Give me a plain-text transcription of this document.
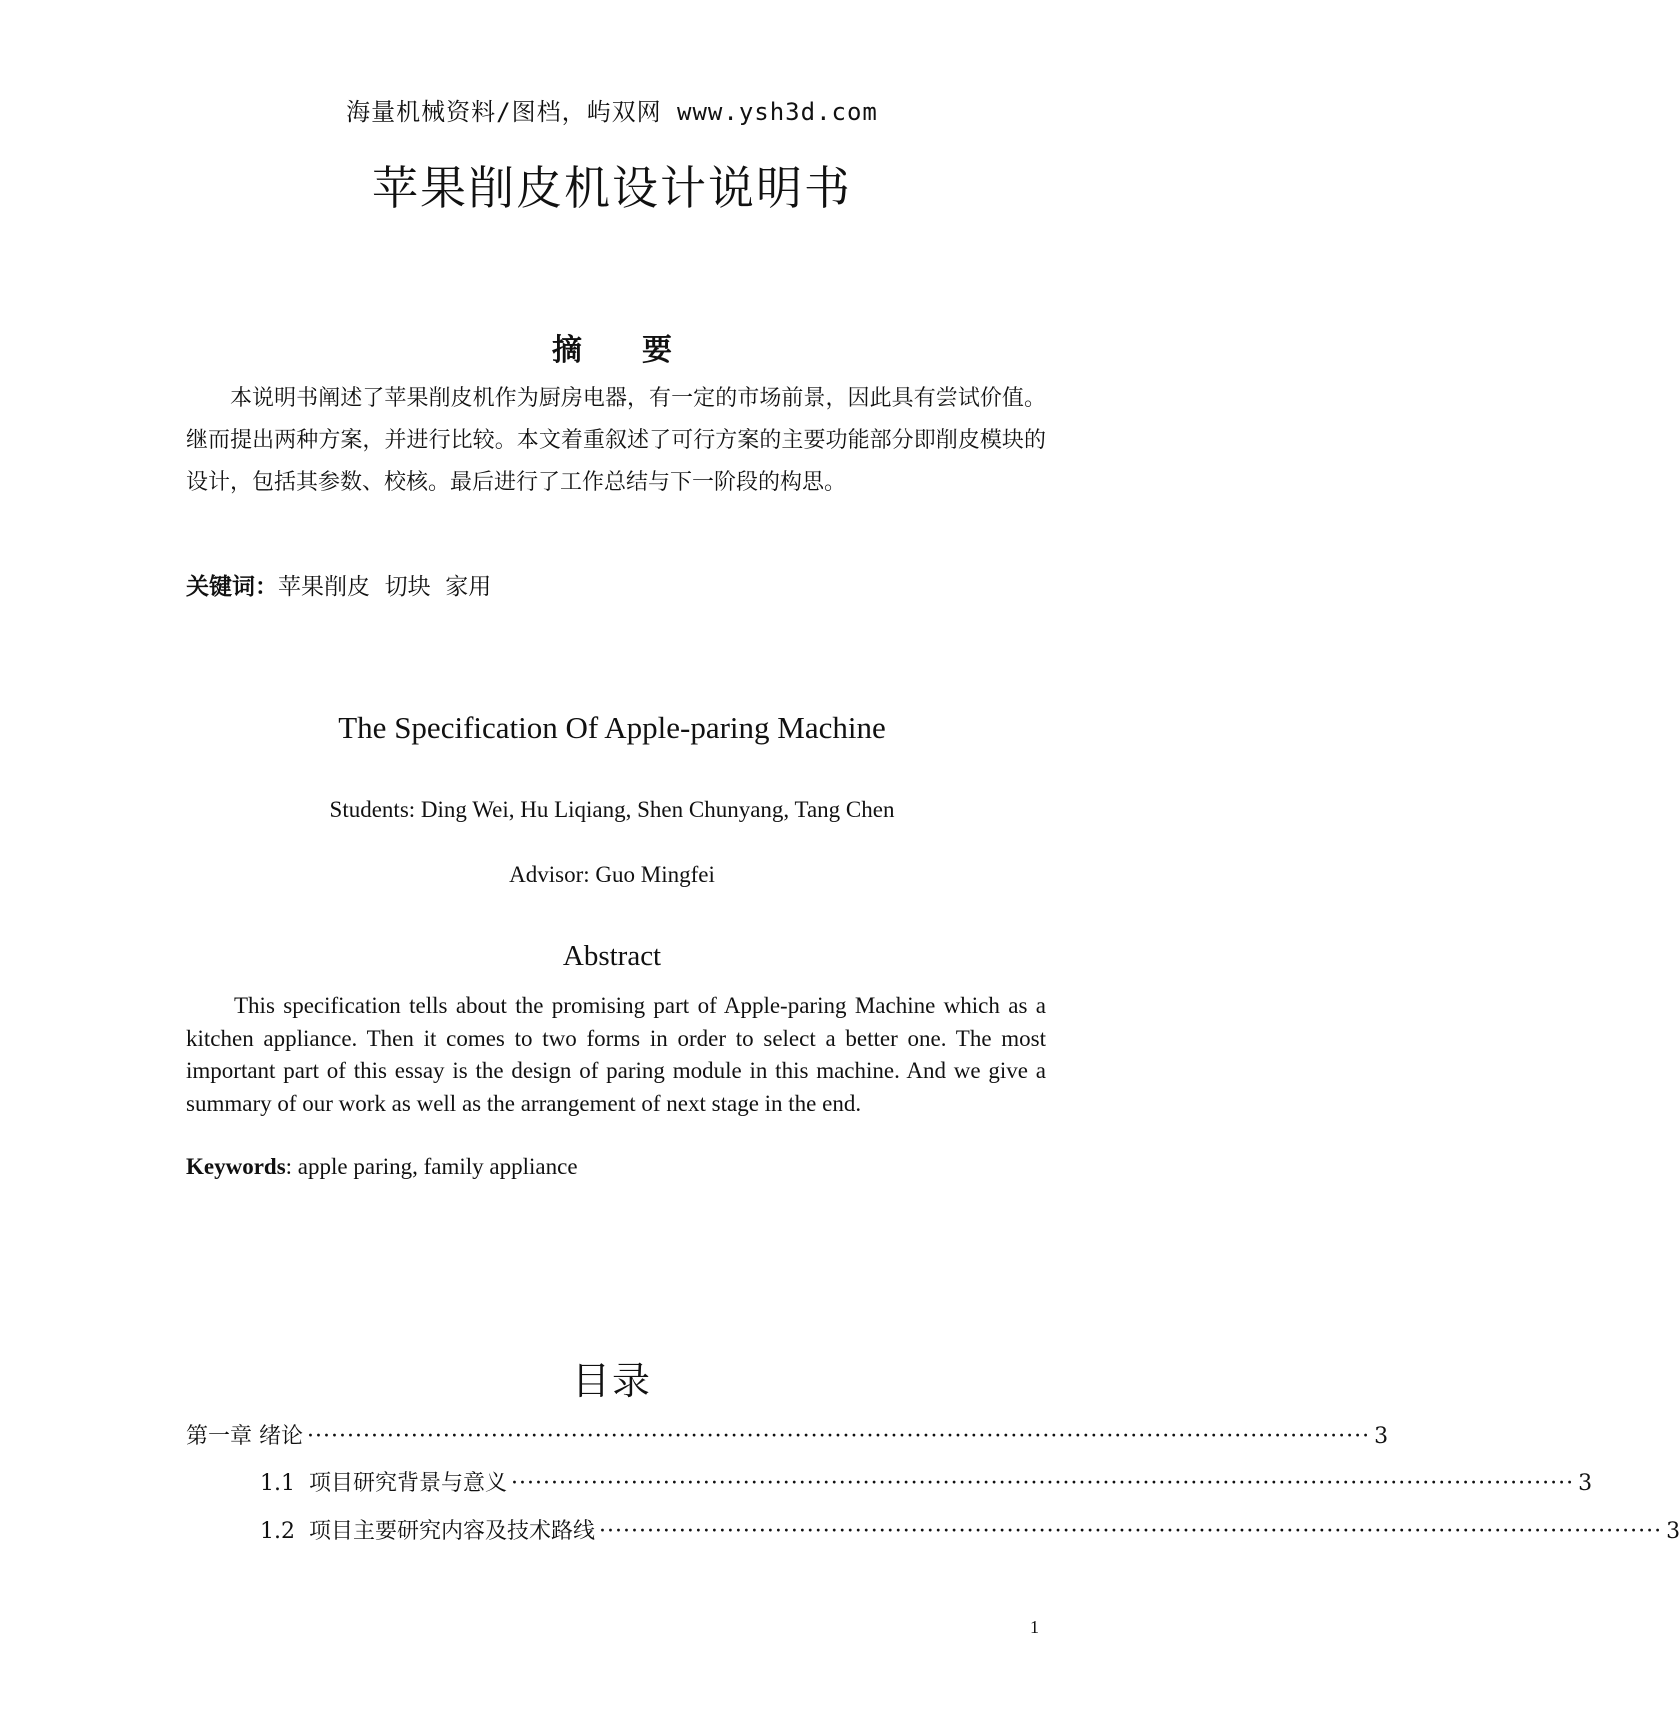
海量机械资料/图档，屿双网 www.ysh3d.com
苹果削皮机设计说明书
摘要
本说明书阐述了苹果削皮机作为厨房电器，有一定的市场前景，因此具有尝试价值。继而提出两种方案，并进行比较。本文着重叙述了可行方案的主要功能部分即削皮模块的设计，包括其参数、校核。最后进行了工作总结与下一阶段的构思。
关键词：苹果削皮  切块  家用
The Specification Of Apple-paring Machine
Students: Ding Wei, Hu Liqiang, Shen Chunyang, Tang Chen
Advisor: Guo Mingfei
Abstract
This specification tells about the promising part of Apple-paring Machine which as a kitchen appliance. Then it comes to two forms in order to select a better one. The most important part of this essay is the design of paring module in this machine. And we give a summary of our work as well as the arrangement of next stage in the end.
Keywords: apple paring, family appliance
目录
第一章 绪论 ····································································································································· 3
1.1  项目研究背景与意义 ····································································································································· 3
1.2  项目主要研究内容及技术路线 ····································································································································· 3
1
